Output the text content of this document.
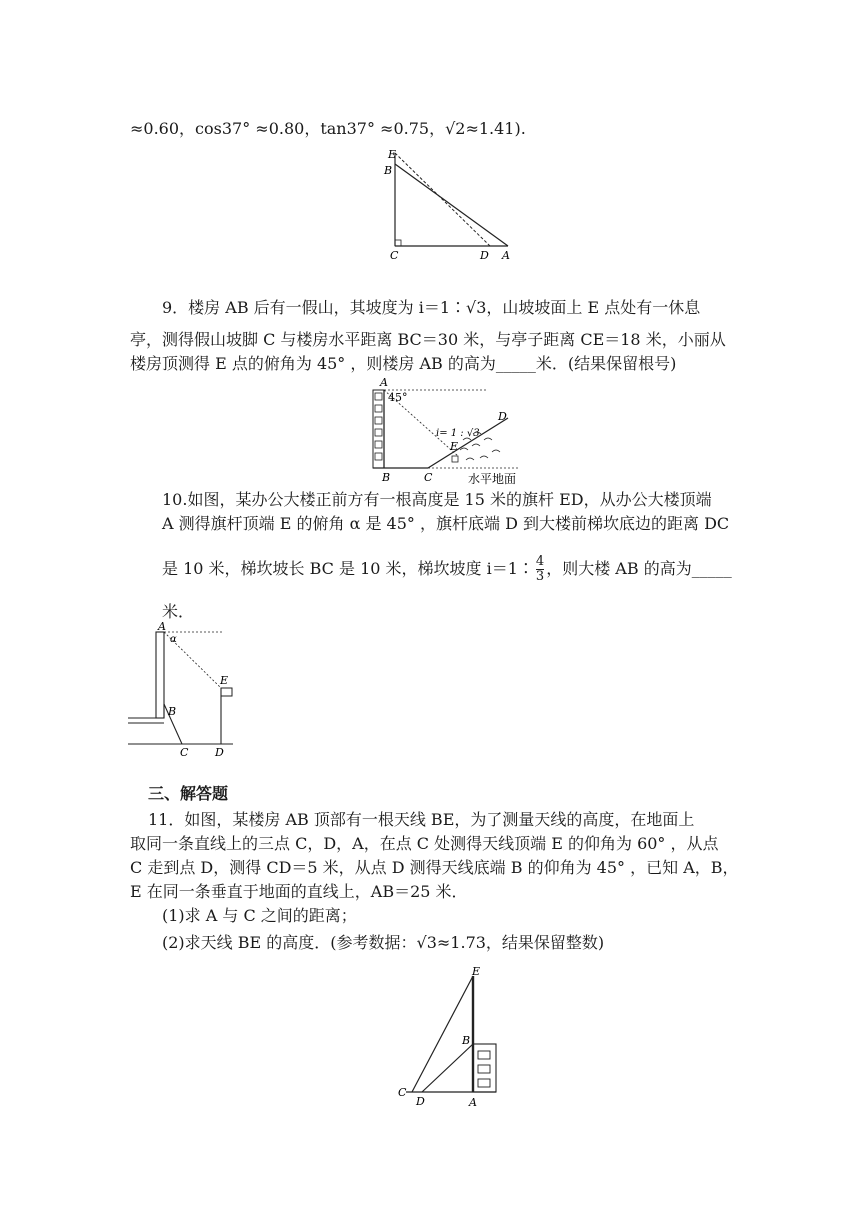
≈0.60，cos37° ≈0.80，tan37° ≈0.75，√2≈1.41).
E
B
C	D A
9．楼房 AB 后有一假山，其坡度为 i＝1∶√3，山坡坡面上 E 点处有一休息
亭，测得假山坡脚 C 与楼房水平距离 BC＝30 米，与亭子距离 CE＝18 米，小丽从
楼房顶测得 E 点的俯角为 45° ，则楼房 AB 的高为_____米．(结果保留根号)
A
45°
i= 1 : √3
D
E
B	C	水平地面
10.如图，某办公大楼正前方有一根高度是 15 米的旗杆 ED，从办公大楼顶端
A 测得旗杆顶端 E 的俯角 α 是 45° ，旗杆底端 D 到大楼前梯坎底边的距离 DC
是 10 米，梯坎坡长 BC 是 10 米，梯坎坡度 i＝1∶ $\frac{4}{3}$ ，则大楼 AB 的高为_____
米．
A
α
E
B
C D
三、解答题
11．如图，某楼房 AB 顶部有一根天线 BE，为了测量天线的高度，在地面上
取同一条直线上的三点 C，D，A，在点 C 处测得天线顶端 E 的仰角为 60° ，从点
C 走到点 D，测得 CD＝5 米，从点 D 测得天线底端 B 的仰角为 45° ，已知 A，B，
E 在同一条垂直于地面的直线上，AB＝25 米．
(1)求 A 与 C 之间的距离；
(2)求天线 BE 的高度．(参考数据：√3≈1.73，结果保留整数)
E
B
C
D	A
